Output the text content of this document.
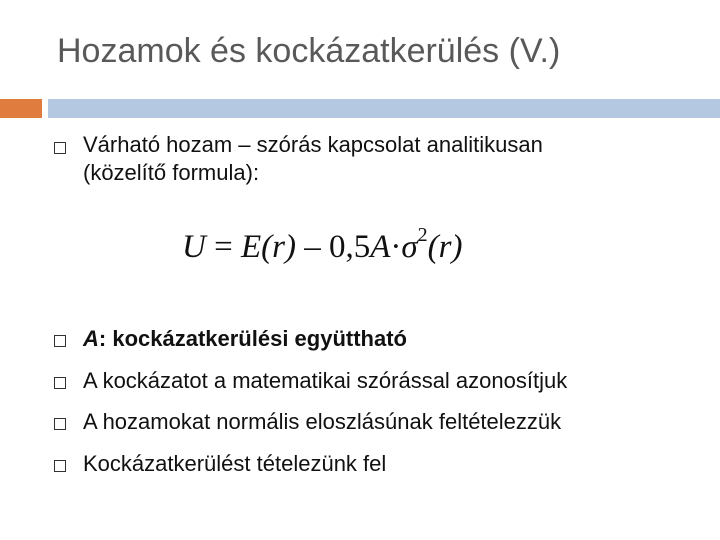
Hozamok és kockázatkerülés (V.)
Várható hozam – szórás kapcsolat analitikusan
(közelítő formula):
$U = E(r) - 0,5A\cdot\sigma^2(r)$
A: kockázatkerülési együttható
A kockázatot a matematikai szórással azonosítjuk
A hozamokat normális eloszlásúnak feltételezzük
Kockázatkerülést tételezünk fel
